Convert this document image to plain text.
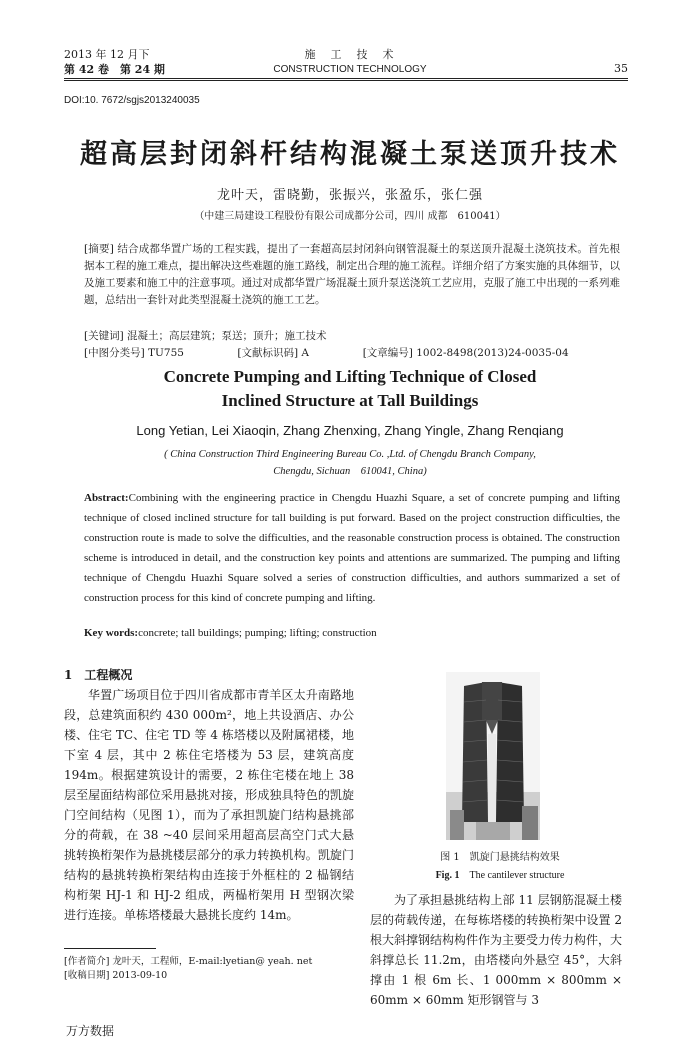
2013 年 12 月下
第 42 卷　第 24 期
施　工　技　术
CONSTRUCTION TECHNOLOGY	35
DOI:10. 7672/sgjs2013240035
超高层封闭斜杆结构混凝土泵送顶升技术
龙叶天，雷晓勤，张振兴，张盈乐，张仁强
（中建三局建设工程股份有限公司成都分公司，四川 成都　610041）
[摘要] 结合成都华置广场的工程实践，提出了一套超高层封闭斜向钢管混凝土的泵送顶升混凝土浇筑技术。首先根据本工程的施工难点，提出解决这些难题的施工路线，制定出合理的施工流程。详细介绍了方案实施的具体细节，以及施工要素和施工中的注意事项。通过对成都华置广场混凝土顶升泵送浇筑工艺应用，克服了施工中出现的一系列难题，总结出一套针对此类型混凝土浇筑的施工工艺。
[关键词] 混凝土；高层建筑；泵送；顶升；施工技术
[中图分类号] TU755	[文献标识码] A	[文章编号] 1002-8498(2013)24-0035-04
Concrete Pumping and Lifting Technique of Closed
Inclined Structure at Tall Buildings
Long Yetian, Lei Xiaoqin, Zhang Zhenxing, Zhang Yingle, Zhang Renqiang
( China Construction Third Engineering Bureau Co. ,Ltd. of Chengdu Branch Company,
Chengdu, Sichuan　610041, China)
Abstract:Combining with the engineering practice in Chengdu Huazhi Square, a set of concrete pumping and lifting technique of closed inclined structure for tall building is put forward. Based on the project construction difficulties, the construction route is made to solve the difficulties, and the reasonable construction process is obtained. The construction scheme is introduced in detail, and the construction key points and attentions are summarized. The pumping and lifting technique of Chengdu Huazhi Square solved a series of construction difficulties, and authors summarized a set of construction process for this kind of concrete pumping and lifting.
Key words:concrete; tall buildings; pumping; lifting; construction
1　工程概况

华置广场项目位于四川省成都市青羊区太升南路地段，总建筑面积约 430 000m²，地上共设酒店、办公楼、住宅 TC、住宅 TD 等 4 栋塔楼以及附属裙楼，地下室 4 层，其中 2 栋住宅塔楼为 53 层，建筑高度 194m。根据建筑设计的需要，2 栋住宅楼在地上 38 层至屋面结构部位采用悬挑对接，形成独具特色的凯旋门空间结构（见图 1），而为了承担凯旋门结构悬挑部分的荷载，在 38 ~40 层间采用超高层高空门式大悬挑转换桁架作为悬挑楼层部分的承力转换机构。凯旋门结构的悬挑转换桁架结构由连接于外框柱的 2 榀钢结构桁架 HJ-1 和 HJ-2 组成，两榀桁架用 H 型钢次梁进行连接。单栋塔楼最大悬挑长度约 14m。

图 1　凯旋门悬挑结构效果
Fig. 1　 The cantilever structure

为了承担悬挑结构上部 11 层钢筋混凝土楼层的荷载传递，在每栋塔楼的转换桁架中设置 2 根大斜撑钢结构构件作为主要受力传力构件，大斜撑总长 11.2m，由塔楼向外悬空 45°，大斜撑由 1 根 6m 长、1 000mm × 800mm × 60mm × 60mm 矩形钢管与 3

[作者简介] 龙叶天，工程师，E-mail:lyetian@ yeah. net
[收稿日期] 2013-09-10
万方数据
